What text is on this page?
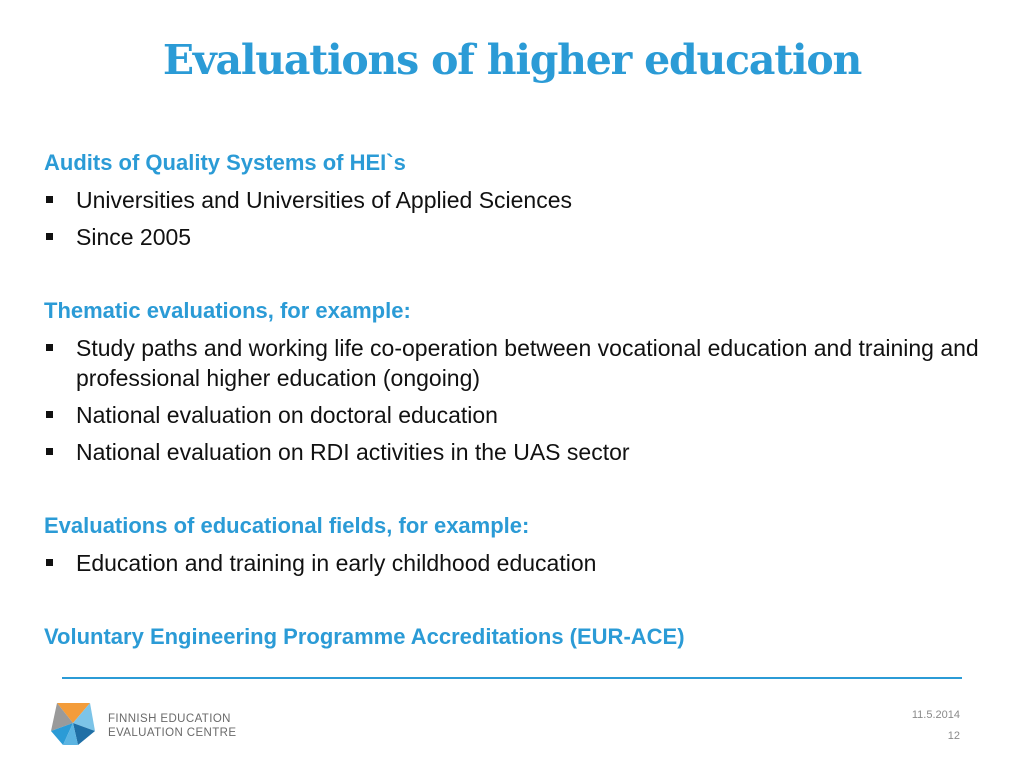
Evaluations of higher education
Audits of Quality Systems of HEI`s
Universities and Universities of Applied Sciences
Since 2005
Thematic evaluations, for example:
Study paths and working life co-operation between vocational education and training and professional higher education (ongoing)
National evaluation on doctoral education
National evaluation on RDI activities in the UAS sector
Evaluations of educational fields, for example:
Education and training in early childhood education
Voluntary Engineering Programme Accreditations (EUR-ACE)
FINNISH EDUCATION
EVALUATION CENTRE
11.5.2014
12
